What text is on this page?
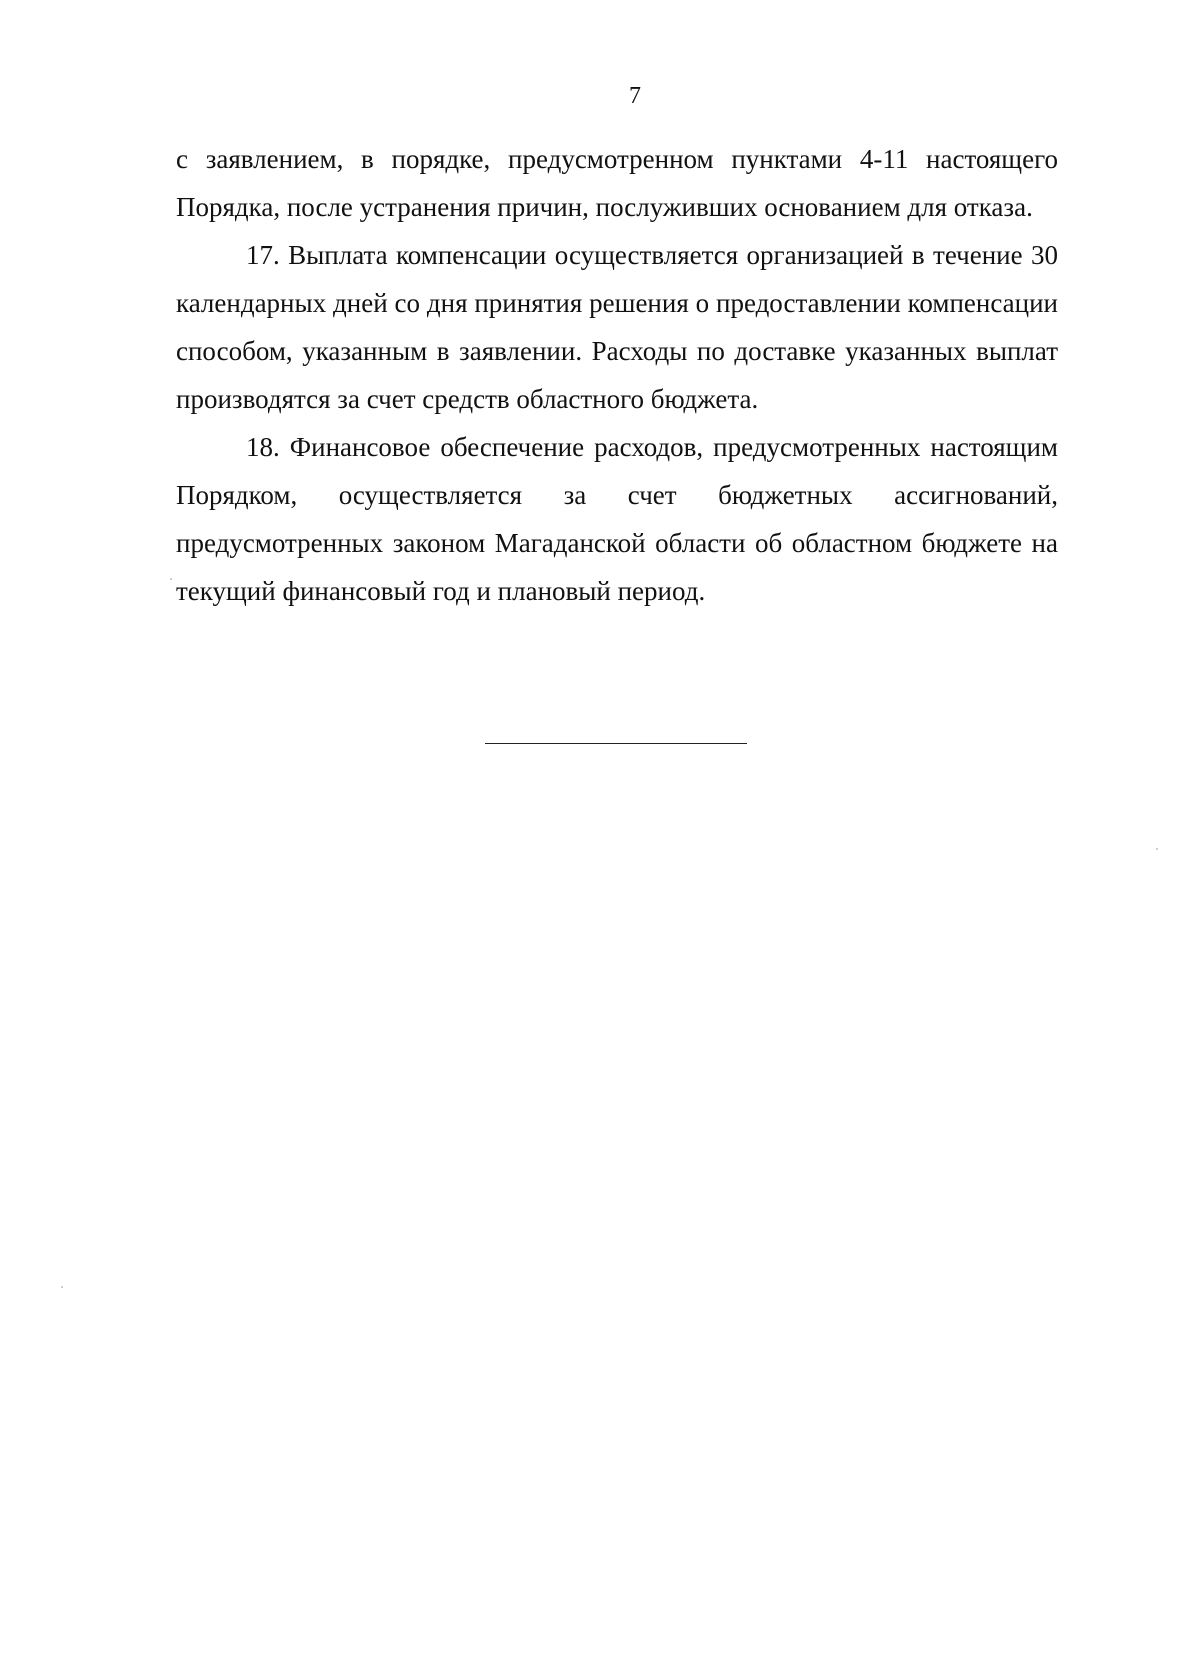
7

с заявлением, в порядке, предусмотренном пунктами 4-11 настоящего Порядка, после устранения причин, послуживших основанием для отказа.

17. Выплата компенсации осуществляется организацией в течение 30 календарных дней со дня принятия решения о предоставлении компенсации способом, указанным в заявлении. Расходы по доставке указанных выплат производятся за счет средств областного бюджета.

18. Финансовое обеспечение расходов, предусмотренных настоящим Порядком, осуществляется за счет бюджетных ассигнований, предусмотренных законом Магаданской области об областном бюджете на текущий финансовый год и плановый период.
